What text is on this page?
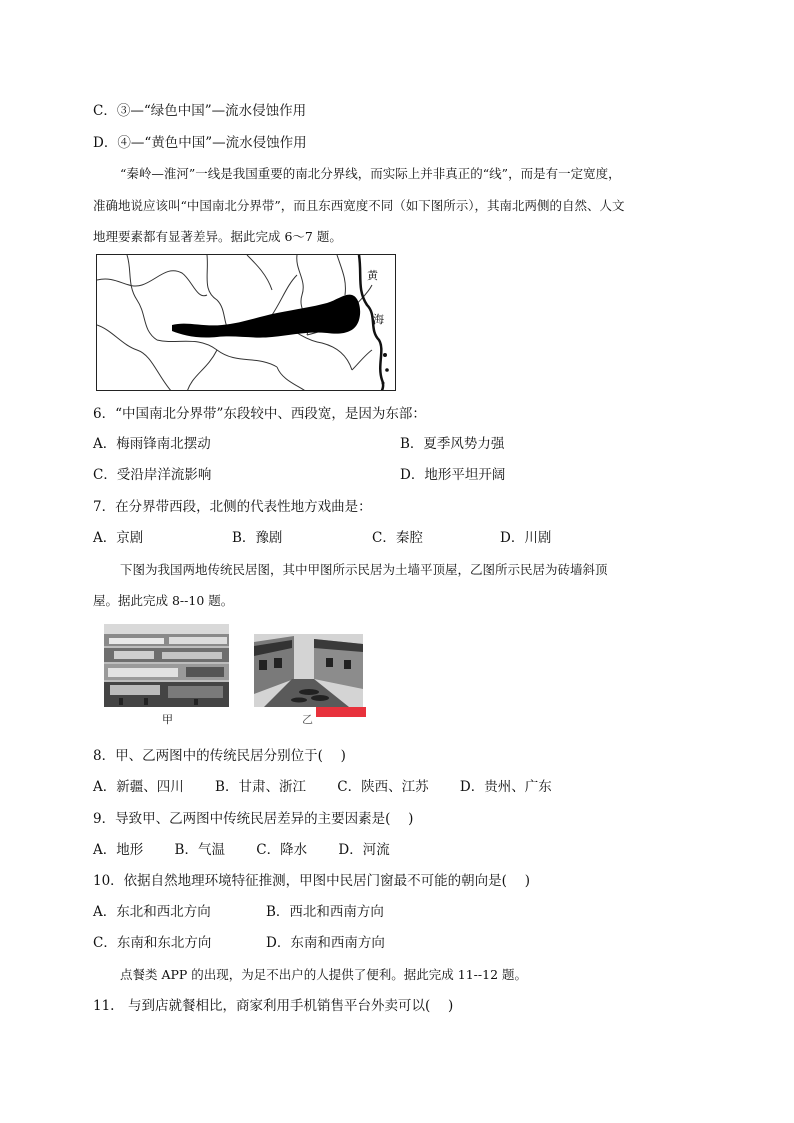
C．③—“绿色中国”—流水侵蚀作用
D．④—“黄色中国”—流水侵蚀作用
“秦岭—淮河”一线是我国重要的南北分界线，而实际上并非真正的“线”，而是有一定宽度，
准确地说应该叫“中国南北分界带”，而且东西宽度不同（如下图所示），其南北两侧的自然、人文
地理要素都有显著差异。据此完成 6～7 题。
黄
海
6．“中国南北分界带”东段较中、西段宽，是因为东部：
A．梅雨锋南北摆动	B．夏季风势力强
C．受沿岸洋流影响	D．地形平坦开阔
7．在分界带西段，北侧的代表性地方戏曲是：
A．京剧	B．豫剧	C．秦腔	D．川剧
下图为我国两地传统民居图，其中甲图所示民居为土墙平顶屋，乙图所示民居为砖墙斜顶
屋。据此完成 8--10 题。
甲	乙
8．甲、乙两图中的传统民居分别位于(　 )
A．新疆、四川　　 B．甘肃、浙江　　 C．陕西、江苏　　 D．贵州、广东
9．导致甲、乙两图中传统民居差异的主要因素是(　 )
A．地形　　 B．气温　　 C．降水　　 D．河流
10．依据自然地理环境特征推测，甲图中民居门窗最不可能的朝向是(　 )
A．东北和西北方向	B．西北和西南方向
C．东南和东北方向	D．东南和西南方向
点餐类 APP 的出现，为足不出户的人提供了便利。据此完成 11--12 题。
11.　与到店就餐相比，商家利用手机销售平台外卖可以(　 )
